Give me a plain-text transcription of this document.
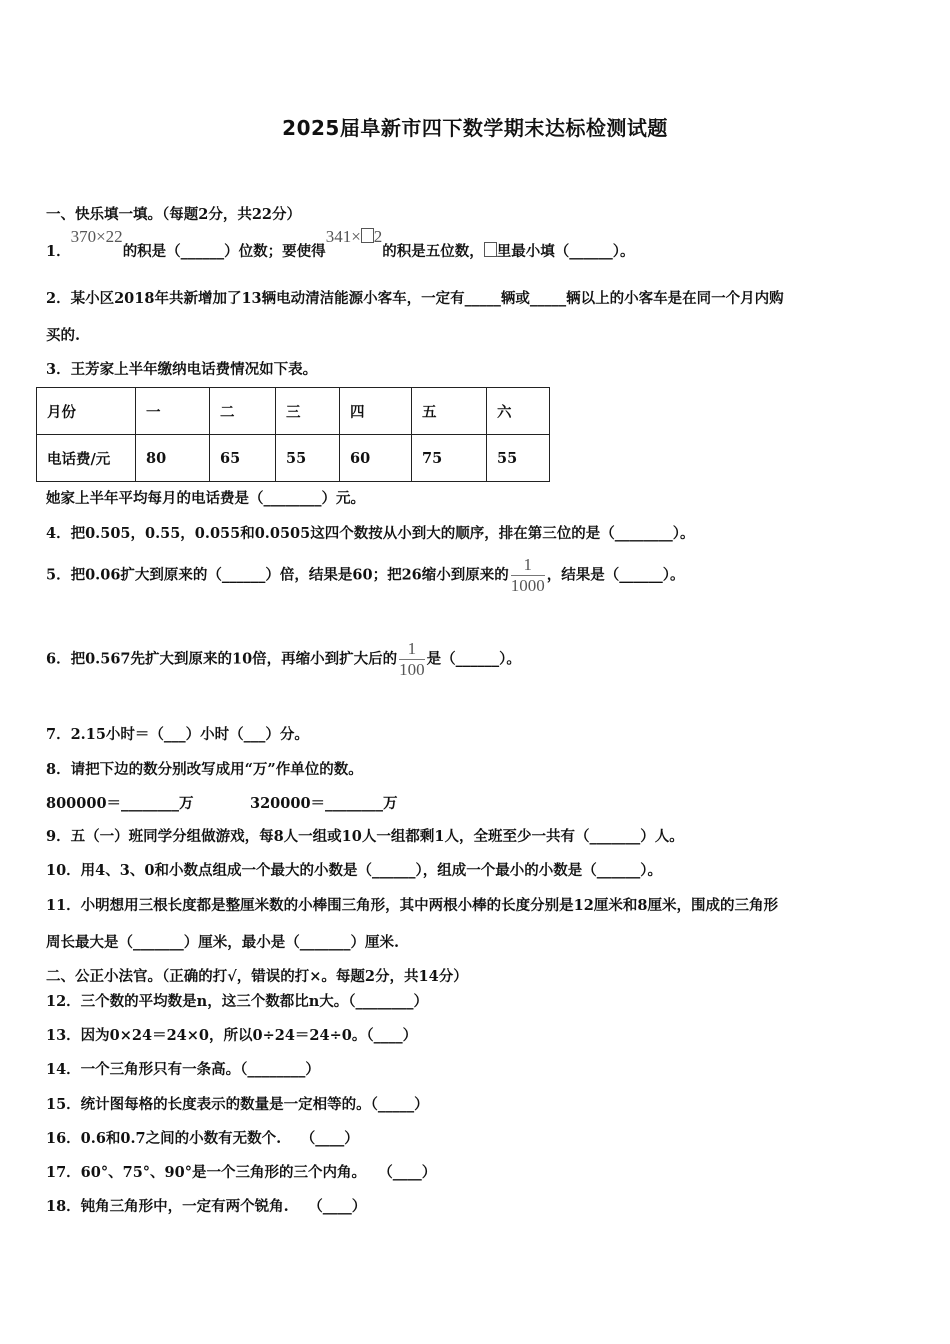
2025届阜新市四下数学期末达标检测试题
一、快乐填一填。（每题2分，共22分）
1．370×22的积是（______）位数；要使得341× 2的积是五位数， 里最小填（______）。
2．某小区2018年共新增加了13辆电动清洁能源小客车，一定有_____辆或_____辆以上的小客车是在同一个月内购
买的.
3．王芳家上半年缴纳电话费情况如下表。
月份	一	二	三	四	五	六
电话费/元	80	65	55	60	75	55
她家上半年平均每月的电话费是（________）元。
4．把0.505，0.55，0.055和0.0505这四个数按从小到大的顺序，排在第三位的是（________）。
5．把0.06扩大到原来的（______）倍，结果是60；把26缩小到原来的 $\frac{1}{1000}$ ，结果是（______）。
6．把0.567先扩大到原来的10倍，再缩小到扩大后的 $\frac{1}{100}$ 是（______）。
7．2.15小时＝（___）小时（___）分。
8．请把下边的数分别改写成用“万”作单位的数。
800000＝________万	320000＝________万
9．五（一）班同学分组做游戏，每8人一组或10人一组都剩1人，全班至少一共有（_______）人。
10．用4、3、0和小数点组成一个最大的小数是（______），组成一个最小的小数是（______）。
11．小明想用三根长度都是整厘米数的小棒围三角形，其中两根小棒的长度分别是12厘米和8厘米，围成的三角形
周长最大是（_______）厘米，最小是（_______）厘米.
二、公正小法官。（正确的打√，错误的打×。每题2分，共14分）
12．三个数的平均数是n，这三个数都比n大。（________）
13．因为0×24＝24×0，所以0÷24＝24÷0。（____）
14．一个三角形只有一条高。（________）
15．统计图每格的长度表示的数量是一定相等的。（_____）
16．0.6和0.7之间的小数有无数个.　 （____）
17．60°、75°、90°是一个三角形的三个内角。　 （____）
18．钝角三角形中，一定有两个锐角.　 （____）
